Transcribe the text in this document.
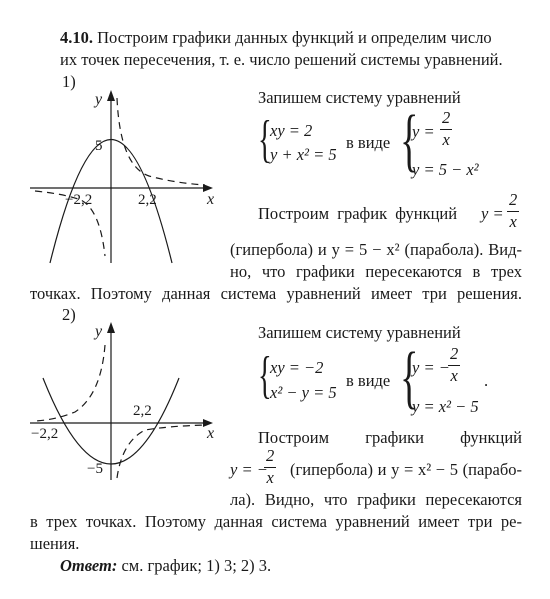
4.10. Построим графики данных функций и определим число
их точек пересечения, т. е. число решений системы уравнений.
1)
y
5
−2,2	2,2	x
Запишем систему уравнений
{
xy = 2
y + x² = 5
в виде {
$y = \frac{2}{x}$
y = 5 − x²
Построим график функций $y = \frac{2}{x}$
(гипербола) и y = 5 − x² (парабола). Вид-
но, что графики пересекаются в трех
точках. Поэтому данная система уравнений имеет три решения.
2)
y
2,2
−2,2
−5
x
Запишем систему уравнений
{
xy = −2
x² − y = 5
в виде {
y = −
$\frac{2}{x}$ .
y = x² − 5
Построим графики функций
y = −
$\frac{2}{x}$ (гипербола) и y = x² − 5 (парабо-
ла). Видно, что графики пересекаются
в трех точках. Поэтому данная система уравнений имеет три ре-
шения.
Ответ: см. график; 1) 3; 2) 3.
